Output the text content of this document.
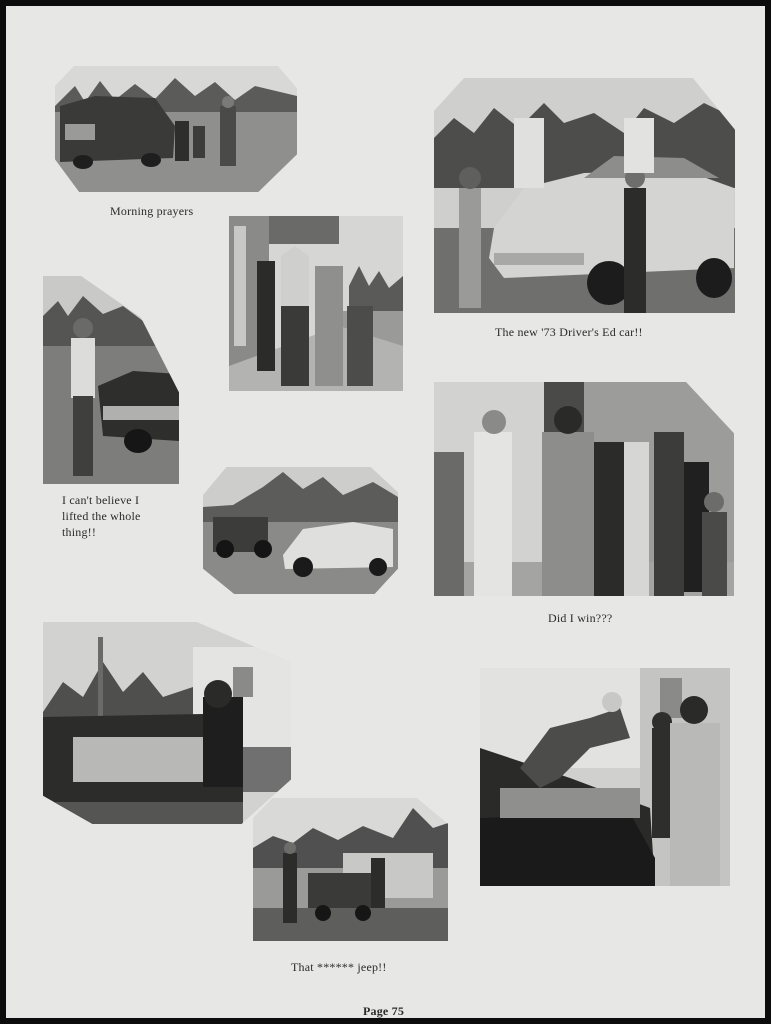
Morning prayers
The new '73 Driver's Ed car!!
I can't believe I
lifted the whole
thing!!
Did I win???
That ****** jeep!!
Page 75
